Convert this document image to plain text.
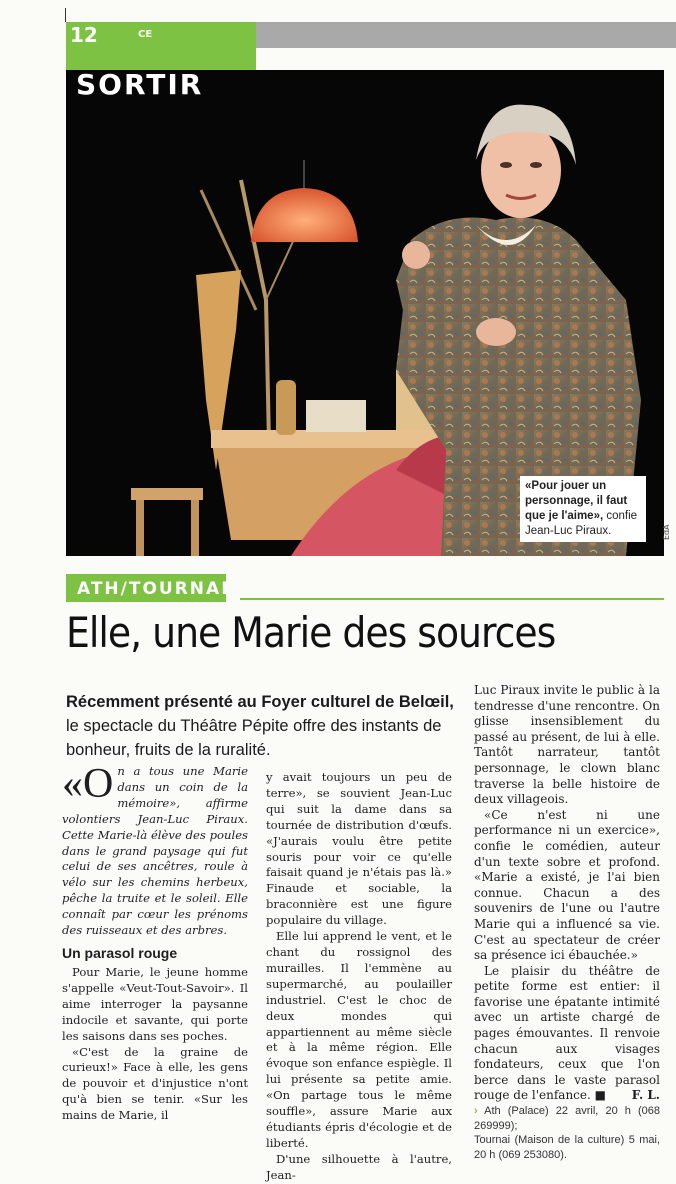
12	CE
SORTIR
«Pour jouer un personnage, il faut que je l'aime», confie Jean-Luc Piraux.	EdA
ATH/TOURNAI
Elle, une Marie des sources
Récemment présenté au Foyer culturel de Belœil, le spectacle du Théâtre Pépite offre des instants de bonheur, fruits de la ruralité.

«On a tous une Marie dans un coin de la mémoire», affirme volontiers Jean-Luc Piraux. Cette Marie-là élève des poules dans le grand paysage qui fut celui de ses ancêtres, roule à vélo sur les chemins herbeux, pêche la truite et le soleil. Elle connaît par cœur les prénoms des ruisseaux et des arbres.

Un parasol rouge

Pour Marie, le jeune homme s'appelle «Veut-Tout-Savoir». Il aime interroger la paysanne indocile et savante, qui porte les saisons dans ses poches.

«C'est de la graine de curieux!» Face à elle, les gens de pouvoir et d'injustice n'ont qu'à bien se tenir. «Sur les mains de Marie, il

y avait toujours un peu de terre», se souvient Jean-Luc qui suit la dame dans sa tournée de distribution d'œufs. «J'aurais voulu être petite souris pour voir ce qu'elle faisait quand je n'étais pas là.» Finaude et sociable, la braconnière est une figure populaire du village.

Elle lui apprend le vent, et le chant du rossignol des murailles. Il l'emmène au supermarché, au poulailler industriel. C'est le choc de deux mondes qui appartiennent au même siècle et à la même région. Elle évoque son enfance espiègle. Il lui présente sa petite amie. «On partage tous le même souffle», assure Marie aux étudiants épris d'écologie et de liberté.

D'une silhouette à l'autre, Jean-

Luc Piraux invite le public à la tendresse d'une rencontre. On glisse insensiblement du passé au présent, de lui à elle. Tantôt narrateur, tantôt personnage, le clown blanc traverse la belle histoire de deux villageois.

«Ce n'est ni une performance ni un exercice», confie le comédien, auteur d'un texte sobre et profond. «Marie a existé, je l'ai bien connue. Chacun a des souvenirs de l'une ou l'autre Marie qui a influencé sa vie. C'est au spectateur de créer sa présence ici ébauchée.»

Le plaisir du théâtre de petite forme est entier: il favorise une épatante intimité avec un artiste chargé de pages émouvantes. Il renvoie chacun aux visages fondateurs, ceux que l'on berce dans le vaste parasol rouge de l'enfance. ■	F. L.

› Ath (Palace) 22 avril, 20 h (068 269999);

Tournai (Maison de la culture) 5 mai, 20 h (069 253080).
